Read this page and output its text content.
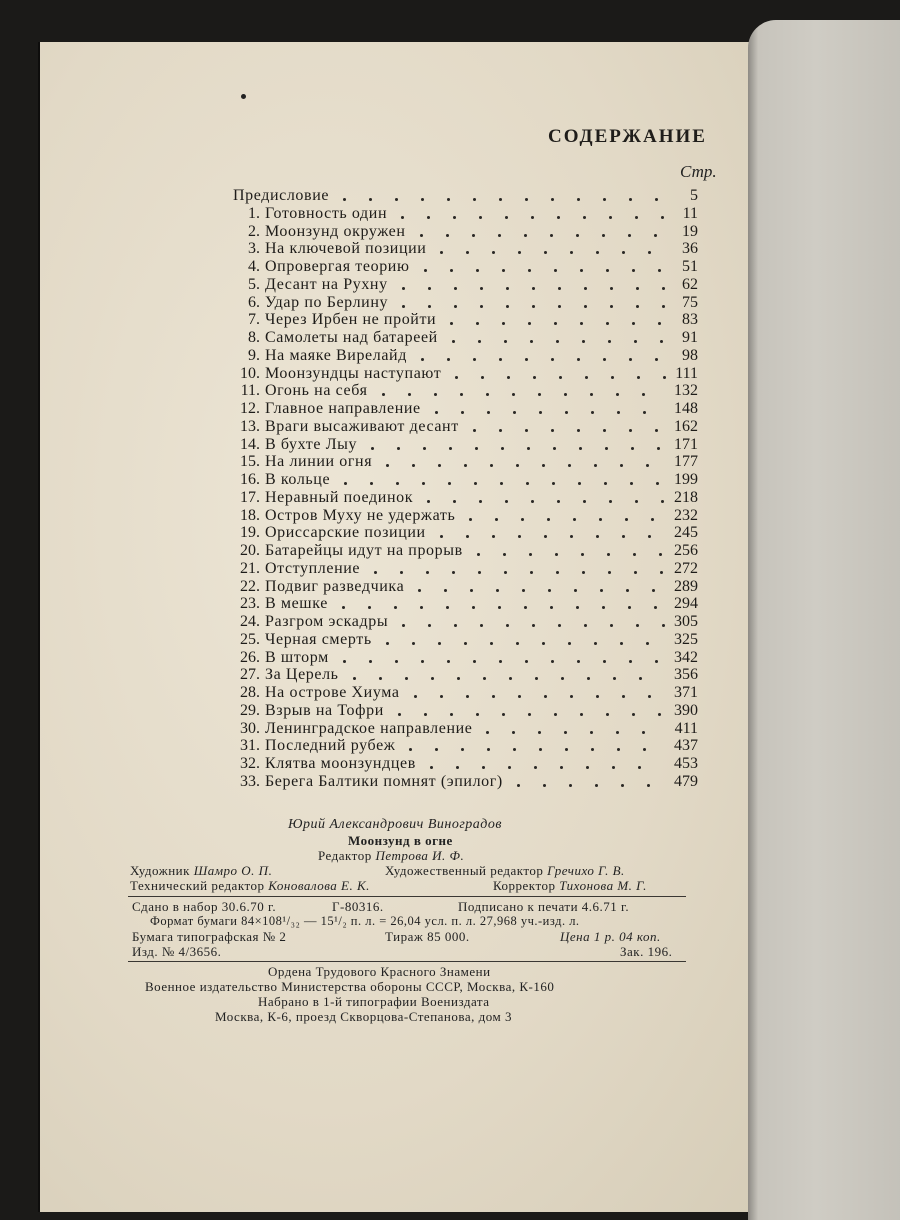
СОДЕРЖАНИЕ
Стр.
Предисловие	5
1. Готовность один	11
2. Моонзунд окружен	19
3. На ключевой позиции	36
4. Опровергая теорию	51
5. Десант на Рухну	62
6. Удар по Берлину	75
7. Через Ирбен не пройти	83
8. Самолеты над батареей	91
9. На маяке Вирелайд	98
10. Моонзундцы наступают	111
11. Огонь на себя	132
12. Главное направление	148
13. Враги высаживают десант	162
14. В бухте Лыу	171
15. На линии огня	177
16. В кольце	199
17. Неравный поединок	218
18. Остров Муху не удержать	232
19. Ориссарские позиции	245
20. Батарейцы идут на прорыв	256
21. Отступление	272
22. Подвиг разведчика	289
23. В мешке	294
24. Разгром эскадры	305
25. Черная смерть	325
26. В шторм	342
27. За Церель	356
28. На острове Хиума	371
29. Взрыв на Тофри	390
30. Ленинградское направление	411
31. Последний рубеж	437
32. Клятва моонзундцев	453
33. Берега Балтики помнят (эпилог)	479
Юрий Александрович Виноградов
Моонзунд в огне
Редактор Петрова И. Ф.
Художник Шамро О. П.	Художественный редактор Гречихо Г. В.
Технический редактор Коновалова Е. К.	Корректор Тихонова М. Г.
Сдано в набор 30.6.70 г.	Г-80316.	Подписано к печати 4.6.71 г.
Формат бумаги 84×108¹/₃₂ — 15¹/₂ п. л. = 26,04 усл. п. л. 27,968 уч.-изд. л.
Бумага типографская № 2	Тираж 85 000.	Цена 1 р. 04 коп.
Изд. № 4/3656.	Зак. 196.
Ордена Трудового Красного Знамени
Военное издательство Министерства обороны СССР, Москва, К-160
Набрано в 1-й типографии Воениздата
Москва, К-6, проезд Скворцова-Степанова, дом 3
